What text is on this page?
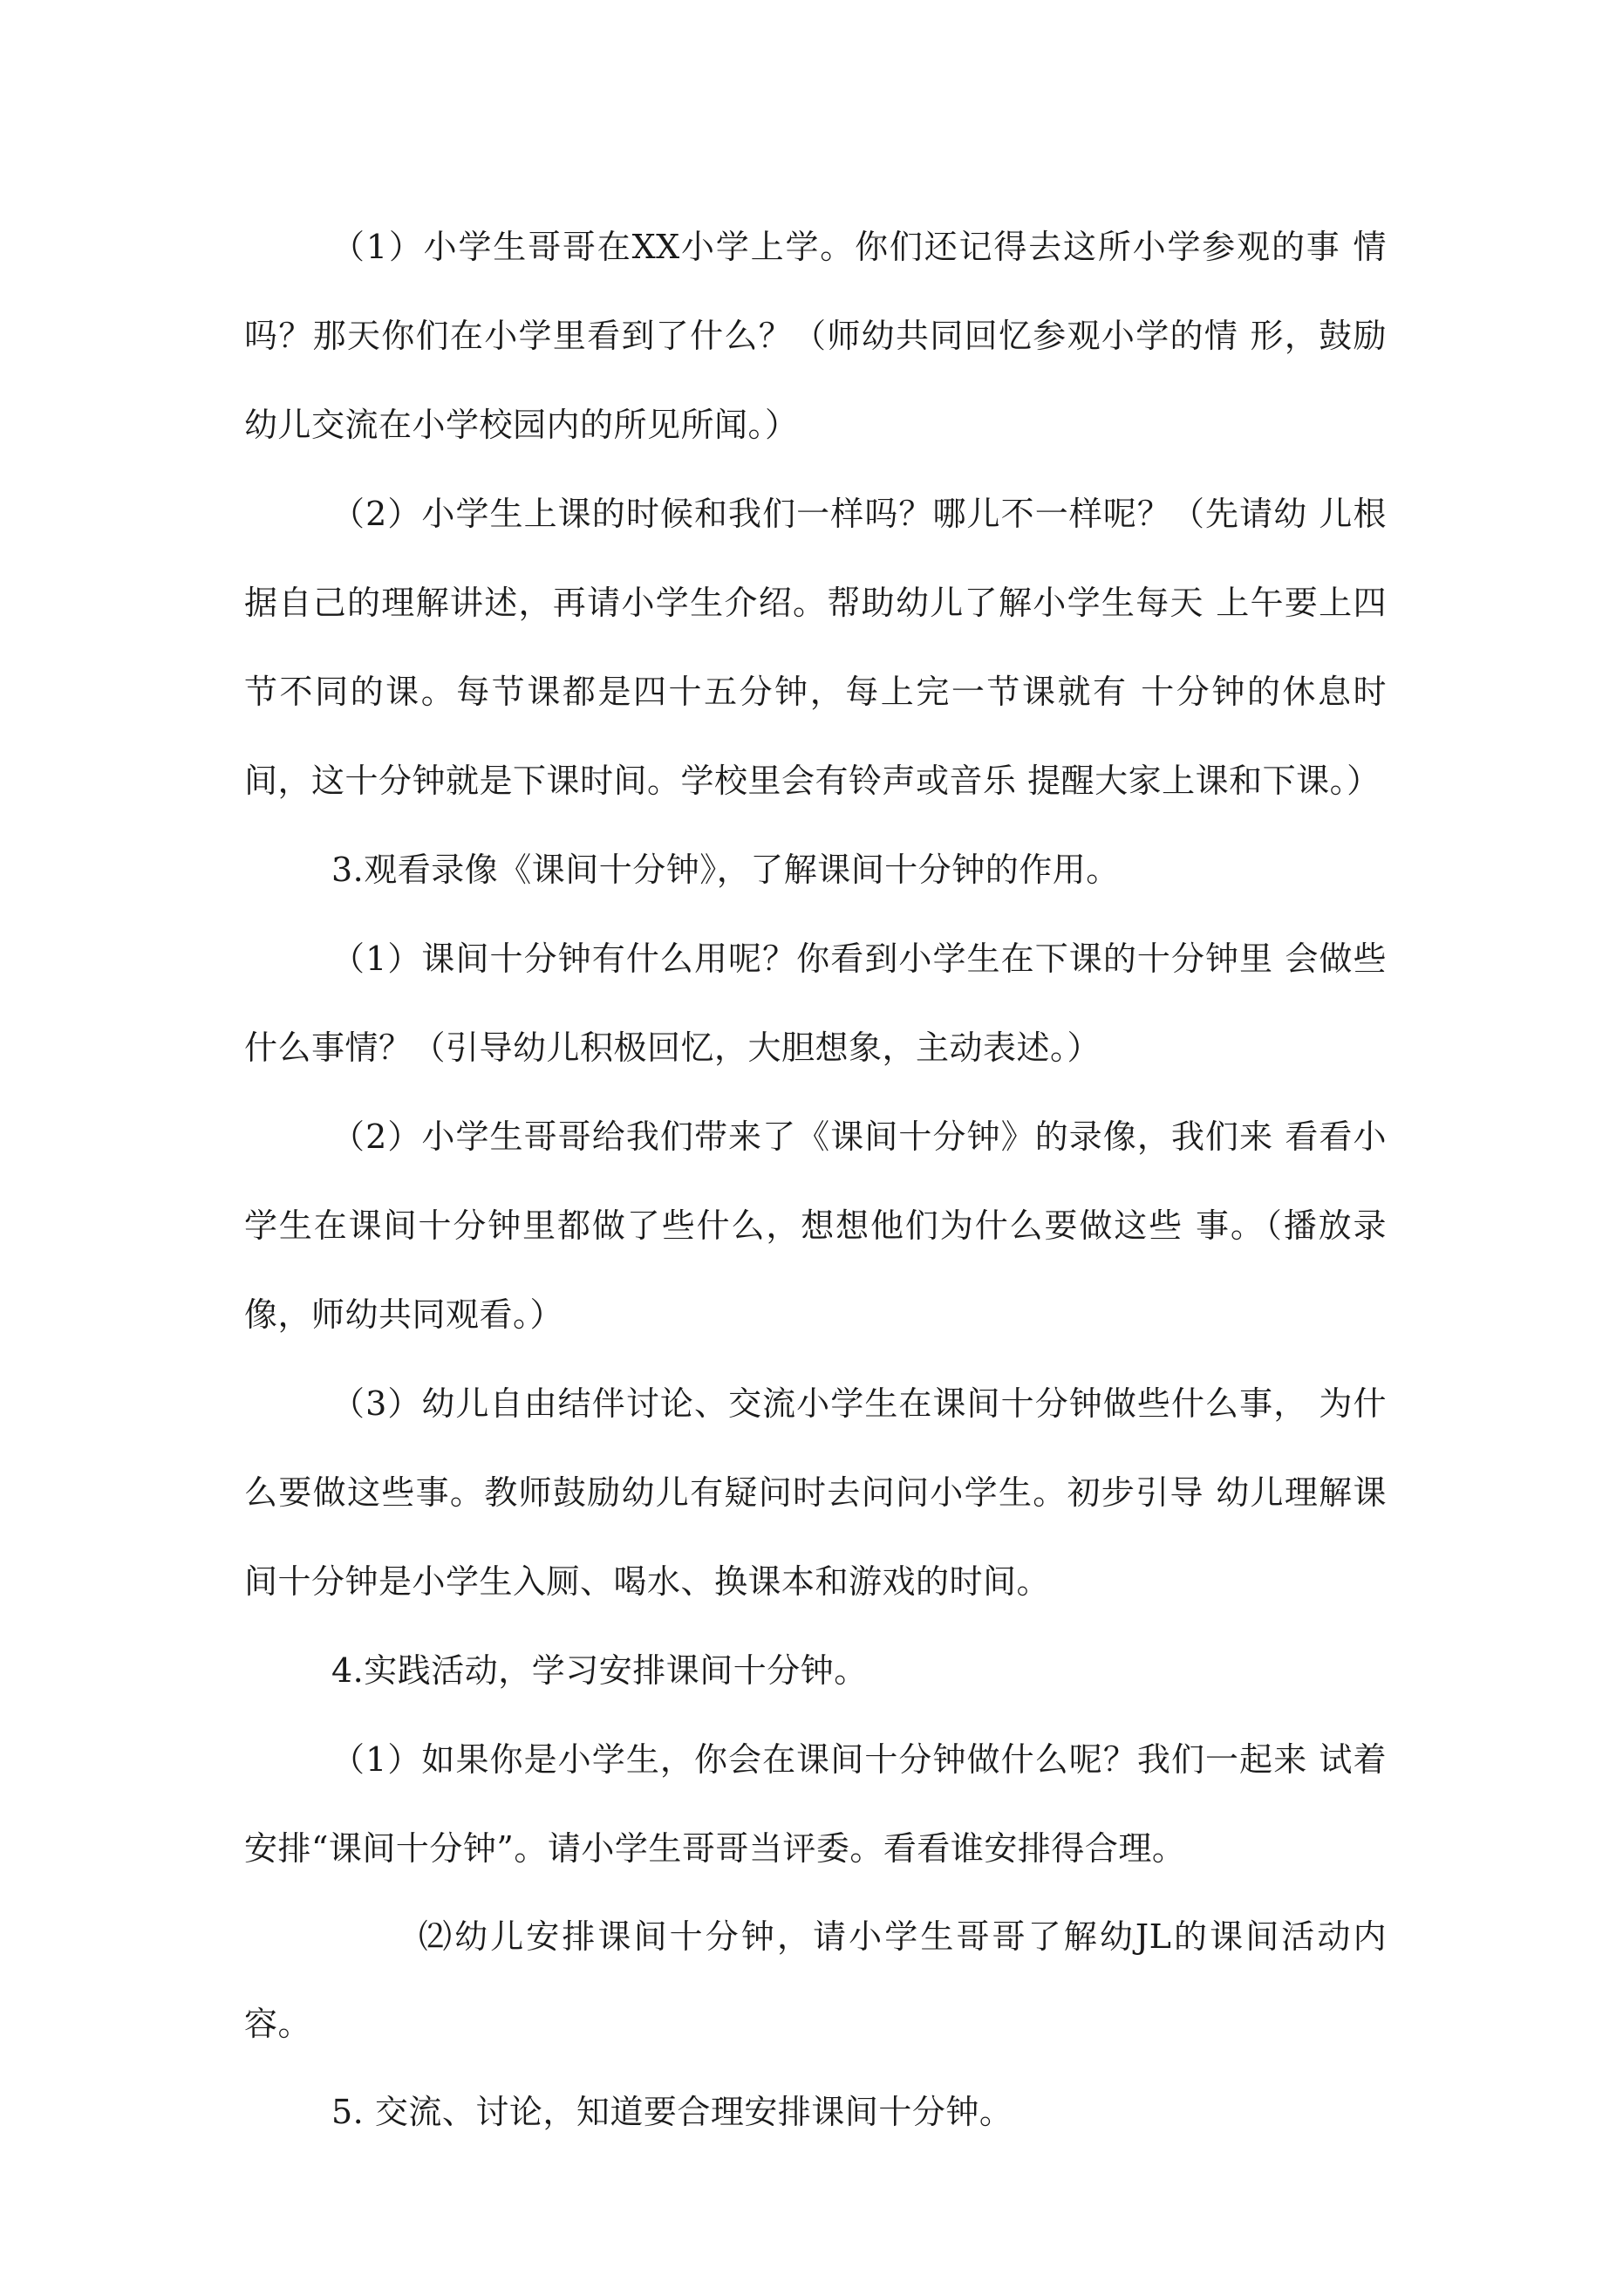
（1）小学生哥哥在XX小学上学。你们还记得去这所小学参观的事 情吗？那天你们在小学里看到了什么？（师幼共同回忆参观小学的情 形，鼓励幼儿交流在小学校园内的所见所闻。）

（2）小学生上课的时候和我们一样吗？哪儿不一样呢？（先请幼 儿根据自己的理解讲述，再请小学生介绍。帮助幼儿了解小学生每天 上午要上四节不同的课。每节课都是四十五分钟，每上完一节课就有 十分钟的休息时间，这十分钟就是下课时间。学校里会有铃声或音乐 提醒大家上课和下课。）

3.观看录像《课间十分钟》，了解课间十分钟的作用。

（1）课间十分钟有什么用呢？你看到小学生在下课的十分钟里 会做些什么事情？（引导幼儿积极回忆，大胆想象，主动表述。）

（2）小学生哥哥给我们带来了《课间十分钟》的录像，我们来 看看小学生在课间十分钟里都做了些什么，想想他们为什么要做这些 事。（播放录像，师幼共同观看。）

（3）幼儿自由结伴讨论、交流小学生在课间十分钟做些什么事， 为什么要做这些事。教师鼓励幼儿有疑问时去问问小学生。初步引导 幼儿理解课间十分钟是小学生入厕、喝水、换课本和游戏的时间。

4.实践活动，学习安排课间十分钟。

（1）如果你是小学生，你会在课间十分钟做什么呢？我们一起来 试着安排“课间十分钟”。请小学生哥哥当评委。看看谁安排得合理。

⑵幼儿安排课间十分钟，请小学生哥哥了解幼JL的课间活动内容。

5. 交流、讨论，知道要合理安排课间十分钟。
